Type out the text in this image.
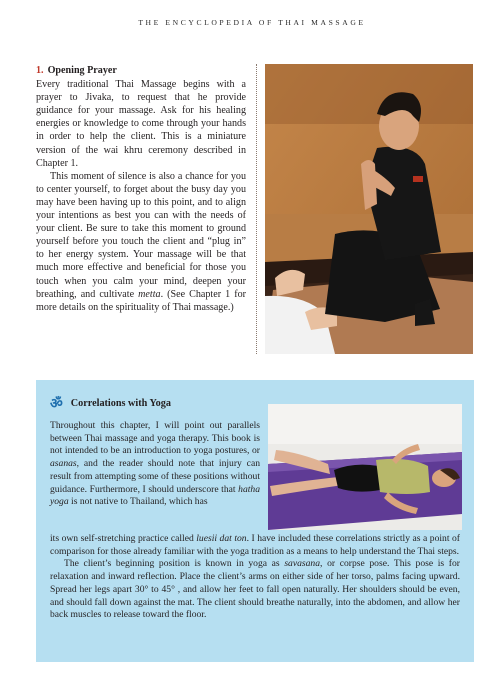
THE ENCYCLOPEDIA OF THAI MASSAGE
1. Opening Prayer

Every traditional Thai Massage begins with a prayer to Jivaka, to request that he provide guidance for your massage. Ask for his healing energies or knowledge to come through your hands in order to help the client. This is a miniature version of the wai khru ceremony described in Chapter 1.

This moment of silence is also a chance for you to center yourself, to forget about the busy day you may have been having up to this point, and to align your intentions as best you can with the needs of your client. Be sure to take this moment to ground yourself before you touch the client and “plug in” to her energy system. Your massage will be that much more effective and beneficial for those you touch when you calm your mind, deepen your breathing, and cultivate metta. (See Chapter 1 for more details on the spirituality of Thai massage.)

ॐ Correlations with Yoga

Throughout this chapter, I will point out parallels between Thai massage and yoga therapy. This book is not intended to be an introduction to yoga postures, or asanas, and the reader should note that injury can result from attempting some of these positions without guidance. Furthermore, I should underscore that hatha yoga is not native to Thailand, which has

its own self-stretching practice called luesii dat ton. I have included these correlations strictly as a point of comparison for those already familiar with the yoga tradition as a means to help understand the Thai steps.

The client’s beginning position is known in yoga as savasana, or corpse pose. This pose is for relaxation and inward reflection. Place the client’s arms on either side of her torso, palms facing upward. Spread her legs apart 30° to 45° , and allow her feet to fall open naturally. Her shoulders should be even, and should fall down against the mat. The client should breathe naturally, into the abdomen, and allow her back muscles to release toward the floor.
